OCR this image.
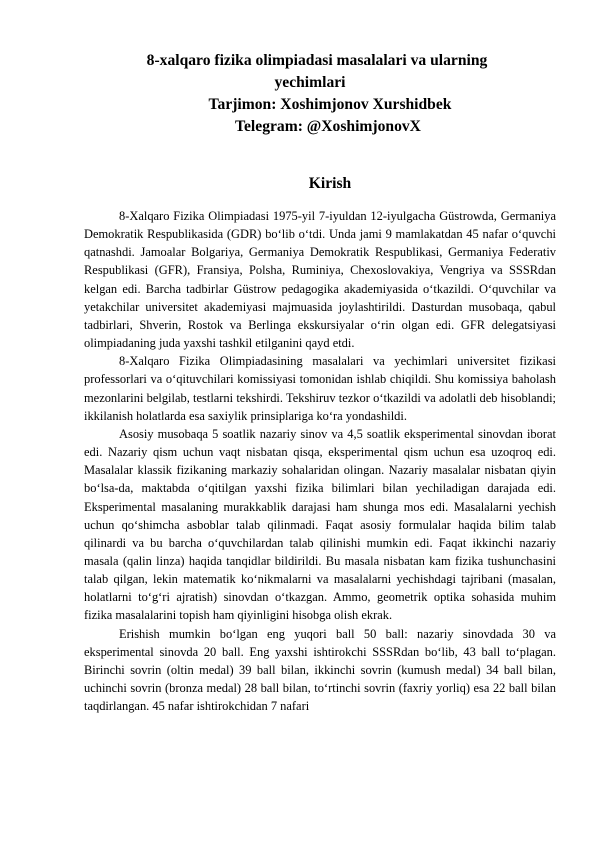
8-xalqaro fizika olimpiadasi masalalari va ularning
yechimlari
Tarjimon: Xoshimjonov Xurshidbek
Telegram: @XoshimjonovX
Kirish

8-Xalqaro Fizika Olimpiadasi 1975-yil 7-iyuldan 12-iyulgacha Güstrowda, Germaniya Demokratik Respublikasida (GDR) bo‘lib o‘tdi. Unda jami 9 mamlakatdan 45 nafar o‘quvchi qatnashdi. Jamoalar Bolgariya, Germaniya Demokratik Respublikasi, Germaniya Federativ Respublikasi (GFR), Fransiya, Polsha, Ruminiya, Chexoslovakiya, Vengriya va SSSRdan kelgan edi. Barcha tadbirlar Güstrow pedagogika akademiyasida o‘tkazildi. O‘quvchilar va yetakchilar universitet akademiyasi majmuasida joylashtirildi. Dasturdan musobaqa, qabul tadbirlari, Shverin, Rostok va Berlinga ekskursiyalar o‘rin olgan edi. GFR delegatsiyasi olimpiadaning juda yaxshi tashkil etilganini qayd etdi.

8-Xalqaro Fizika Olimpiadasining masalalari va yechimlari universitet fizikasi professorlari va o‘qituvchilari komissiyasi tomonidan ishlab chiqildi. Shu komissiya baholash mezonlarini belgilab, testlarni tekshirdi. Tekshiruv tezkor o‘tkazildi va adolatli deb hisoblandi; ikkilanish holatlarda esa saxiylik prinsiplariga ko‘ra yondashildi.

Asosiy musobaqa 5 soatlik nazariy sinov va 4,5 soatlik eksperimental sinovdan iborat edi. Nazariy qism uchun vaqt nisbatan qisqa, eksperimental qism uchun esa uzoqroq edi. Masalalar klassik fizikaning markaziy sohalaridan olingan. Nazariy masalalar nisbatan qiyin bo‘lsa-da, maktabda o‘qitilgan yaxshi fizika bilimlari bilan yechiladigan darajada edi. Eksperimental masalaning murakkablik darajasi ham shunga mos edi. Masalalarni yechish uchun qo‘shimcha asboblar talab qilinmadi. Faqat asosiy formulalar haqida bilim talab qilinardi va bu barcha o‘quvchilardan talab qilinishi mumkin edi. Faqat ikkinchi nazariy masala (qalin linza) haqida tanqidlar bildirildi. Bu masala nisbatan kam fizika tushunchasini talab qilgan, lekin matematik ko‘nikmalarni va masalalarni yechishdagi tajribani (masalan, holatlarni to‘g‘ri ajratish) sinovdan o‘tkazgan. Ammo, geometrik optika sohasida muhim fizika masalalarini topish ham qiyinligini hisobga olish ekrak.

Erishish mumkin bo‘lgan eng yuqori ball 50 ball: nazariy sinovdada 30 va eksperimental sinovda 20 ball. Eng yaxshi ishtirokchi SSSRdan bo‘lib, 43 ball to‘plagan. Birinchi sovrin (oltin medal) 39 ball bilan, ikkinchi sovrin (kumush medal) 34 ball bilan, uchinchi sovrin (bronza medal) 28 ball bilan, to‘rtinchi sovrin (faxriy yorliq) esa 22 ball bilan taqdirlangan. 45 nafar ishtirokchidan 7 nafari
